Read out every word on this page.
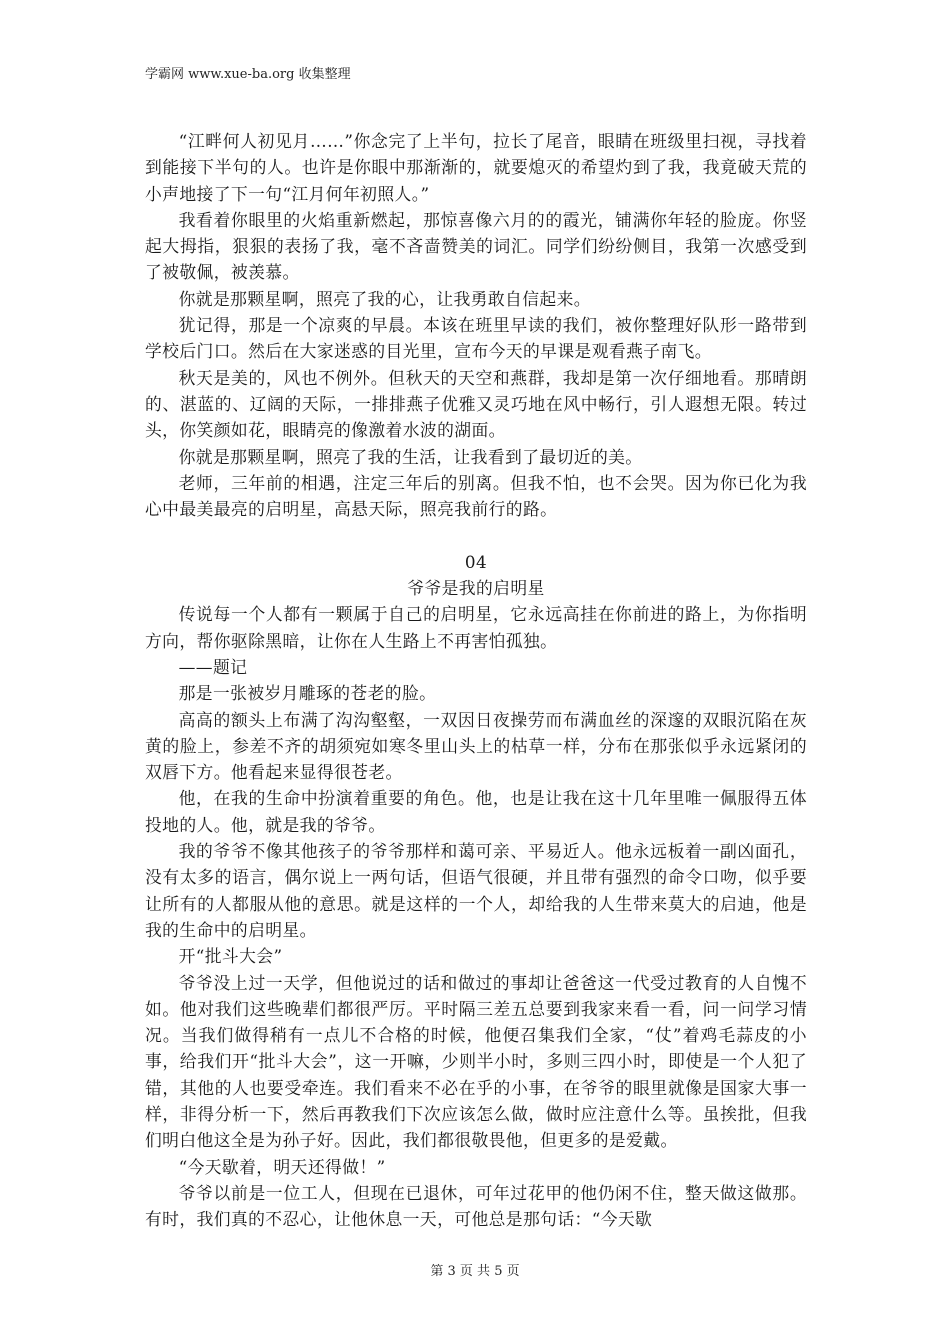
学霸网 www.xue-ba.org 收集整理

“江畔何人初见月……”你念完了上半句，拉长了尾音，眼睛在班级里扫视，寻找着到能接下半句的人。也许是你眼中那渐渐的，就要熄灭的希望灼到了我，我竟破天荒的小声地接了下一句“江月何年初照人。”

我看着你眼里的火焰重新燃起，那惊喜像六月的的霞光，铺满你年轻的脸庞。你竖起大拇指，狠狠的表扬了我，毫不吝啬赞美的词汇。同学们纷纷侧目，我第一次感受到了被敬佩，被羡慕。

你就是那颗星啊，照亮了我的心，让我勇敢自信起来。

犹记得，那是一个凉爽的早晨。本该在班里早读的我们，被你整理好队形一路带到学校后门口。然后在大家迷惑的目光里，宣布今天的早课是观看燕子南飞。

秋天是美的，风也不例外。但秋天的天空和燕群，我却是第一次仔细地看。那晴朗的、湛蓝的、辽阔的天际，一排排燕子优雅又灵巧地在风中畅行，引人遐想无限。转过头，你笑颜如花，眼睛亮的像激着水波的湖面。

你就是那颗星啊，照亮了我的生活，让我看到了最切近的美。

老师，三年前的相遇，注定三年后的别离。但我不怕，也不会哭。因为你已化为我心中最美最亮的启明星，高悬天际，照亮我前行的路。

04

爷爷是我的启明星

传说每一个人都有一颗属于自己的启明星，它永远高挂在你前进的路上，为你指明方向，帮你驱除黑暗，让你在人生路上不再害怕孤独。

——题记

那是一张被岁月雕琢的苍老的脸。

高高的额头上布满了沟沟壑壑，一双因日夜操劳而布满血丝的深邃的双眼沉陷在灰黄的脸上，参差不齐的胡须宛如寒冬里山头上的枯草一样，分布在那张似乎永远紧闭的双唇下方。他看起来显得很苍老。

他，在我的生命中扮演着重要的角色。他，也是让我在这十几年里唯一佩服得五体投地的人。他，就是我的爷爷。

我的爷爷不像其他孩子的爷爷那样和蔼可亲、平易近人。他永远板着一副凶面孔，没有太多的语言，偶尔说上一两句话，但语气很硬，并且带有强烈的命令口吻，似乎要让所有的人都服从他的意思。就是这样的一个人，却给我的人生带来莫大的启迪，他是我的生命中的启明星。

开“批斗大会”

爷爷没上过一天学，但他说过的话和做过的事却让爸爸这一代受过教育的人自愧不如。他对我们这些晚辈们都很严厉。平时隔三差五总要到我家来看一看，问一问学习情况。当我们做得稍有一点儿不合格的时候，他便召集我们全家，“仗”着鸡毛蒜皮的小事，给我们开“批斗大会”，这一开嘛，少则半小时，多则三四小时，即使是一个人犯了错，其他的人也要受牵连。我们看来不必在乎的小事，在爷爷的眼里就像是国家大事一样，非得分析一下，然后再教我们下次应该怎么做，做时应注意什么等。虽挨批，但我们明白他这全是为孙子好。因此，我们都很敬畏他，但更多的是爱戴。

“今天歇着，明天还得做！”

爷爷以前是一位工人，但现在已退休，可年过花甲的他仍闲不住，整天做这做那。有时，我们真的不忍心，让他休息一天，可他总是那句话：“今天歇

第 3 页 共 5 页
